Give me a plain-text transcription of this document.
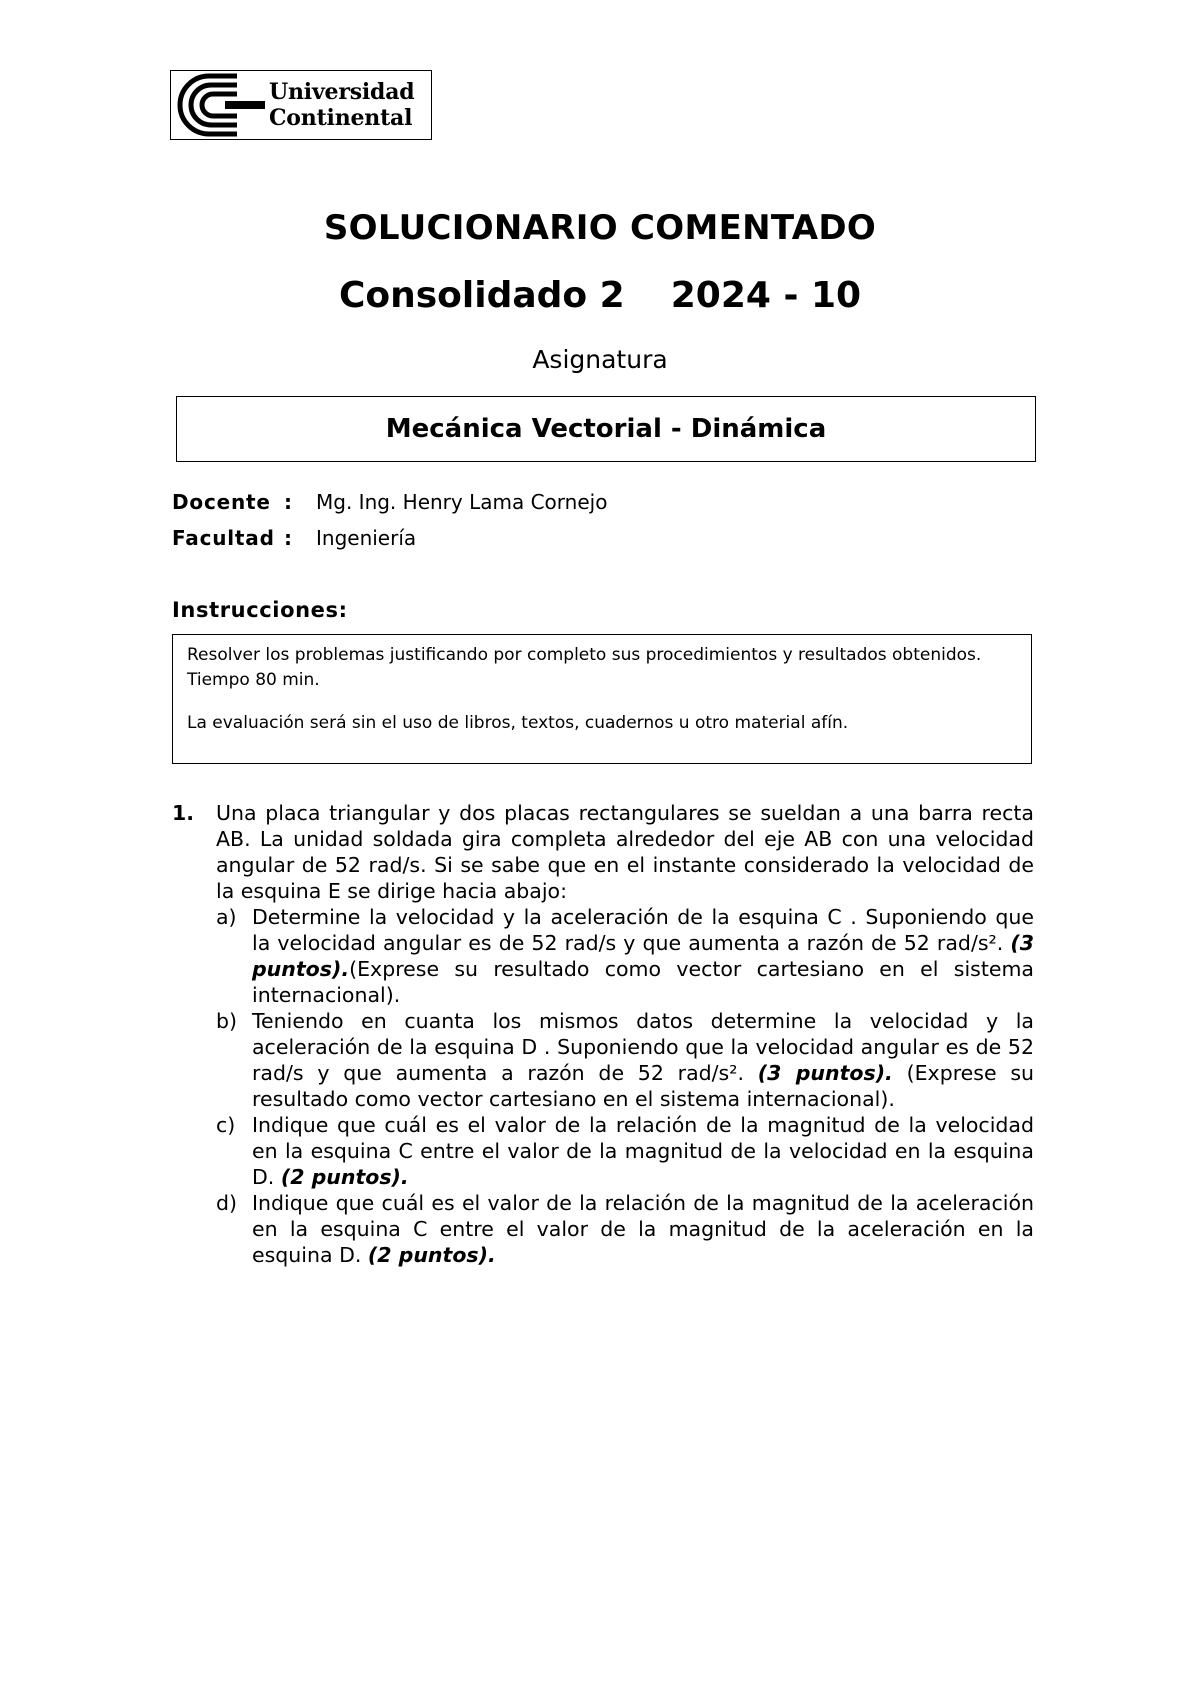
Universidad
Continental
SOLUCIONARIO COMENTADO
Consolidado 2 2024 - 10
Asignatura
Mecánica Vectorial - Dinámica
Docente : Mg. Ing. Henry Lama Cornejo
Facultad : Ingeniería
Instrucciones:

Resolver los problemas justificando por completo sus procedimientos y resultados obtenidos. Tiempo 80 min.

La evaluación será sin el uso de libros, textos, cuadernos u otro material afín.

1. Una placa triangular y dos placas rectangulares se sueldan a una barra recta AB. La unidad soldada gira completa alrededor del eje AB con una velocidad angular de 52 rad/s. Si se sabe que en el instante considerado la velocidad de la esquina E se dirige hacia abajo:

a) Determine la velocidad y la aceleración de la esquina C . Suponiendo que la velocidad angular es de 52 rad/s y que aumenta a razón de 52 rad/s². (3 puntos).(Exprese su resultado como vector cartesiano en el sistema internacional).
b) Teniendo en cuanta los mismos datos determine la velocidad y la aceleración de la esquina D . Suponiendo que la velocidad angular es de 52 rad/s y que aumenta a razón de 52 rad/s². (3 puntos). (Exprese su resultado como vector cartesiano en el sistema internacional).
c) Indique que cuál es el valor de la relación de la magnitud de la velocidad en la esquina C entre el valor de la magnitud de la velocidad en la esquina D. (2 puntos).
d) Indique que cuál es el valor de la relación de la magnitud de la aceleración en la esquina C entre el valor de la magnitud de la aceleración en la esquina D. (2 puntos).
